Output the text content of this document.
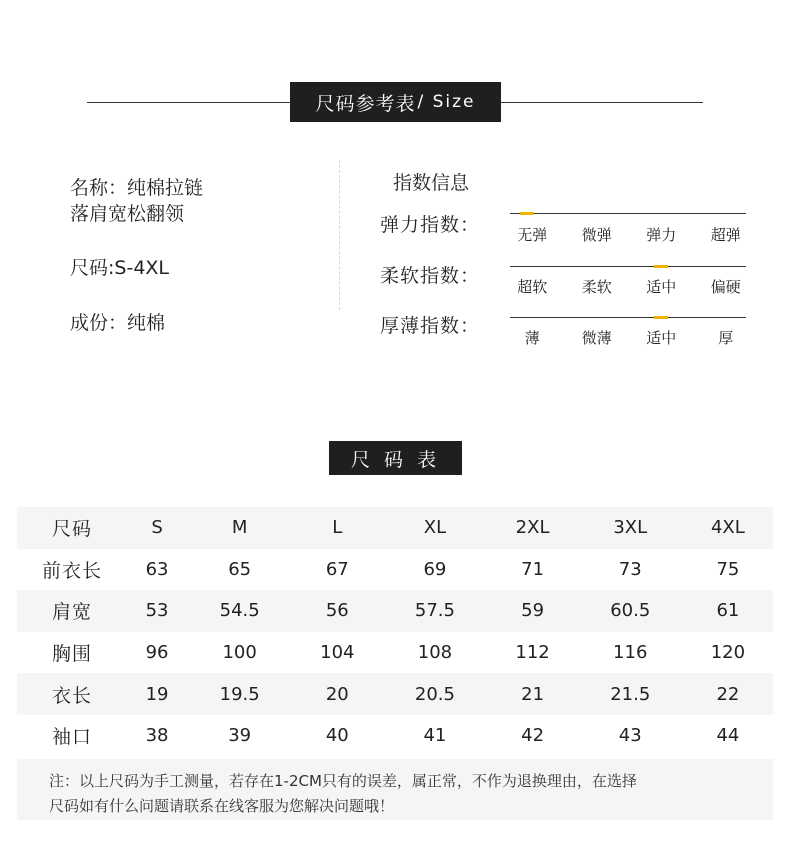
尺码参考表 / Size
名称：纯棉拉链
落肩宽松翻领
尺码:S-4XL
成份：纯棉
指数信息
弹力指数：	无弹	微弹	弹力	超弹
柔软指数：	超软	柔软	适中	偏硬
厚薄指数：
薄	微薄	适中	厚
尺 码 表
尺码	S	M	L	XL	2XL	3XL	4XL
前衣长	63	65	67	69	71	73	75
肩宽	53	54.5	56	57.5	59	60.5	61
胸围	96	100	104	108	112	116	120
衣长	19	19.5	20	20.5	21	21.5	22
袖口	38	39	40	41	42	43	44
注：以上尺码为手工测量，若存在1-2CM只有的误差，属正常，不作为退换理由，在选择
尺码如有什么问题请联系在线客服为您解决问题哦！
